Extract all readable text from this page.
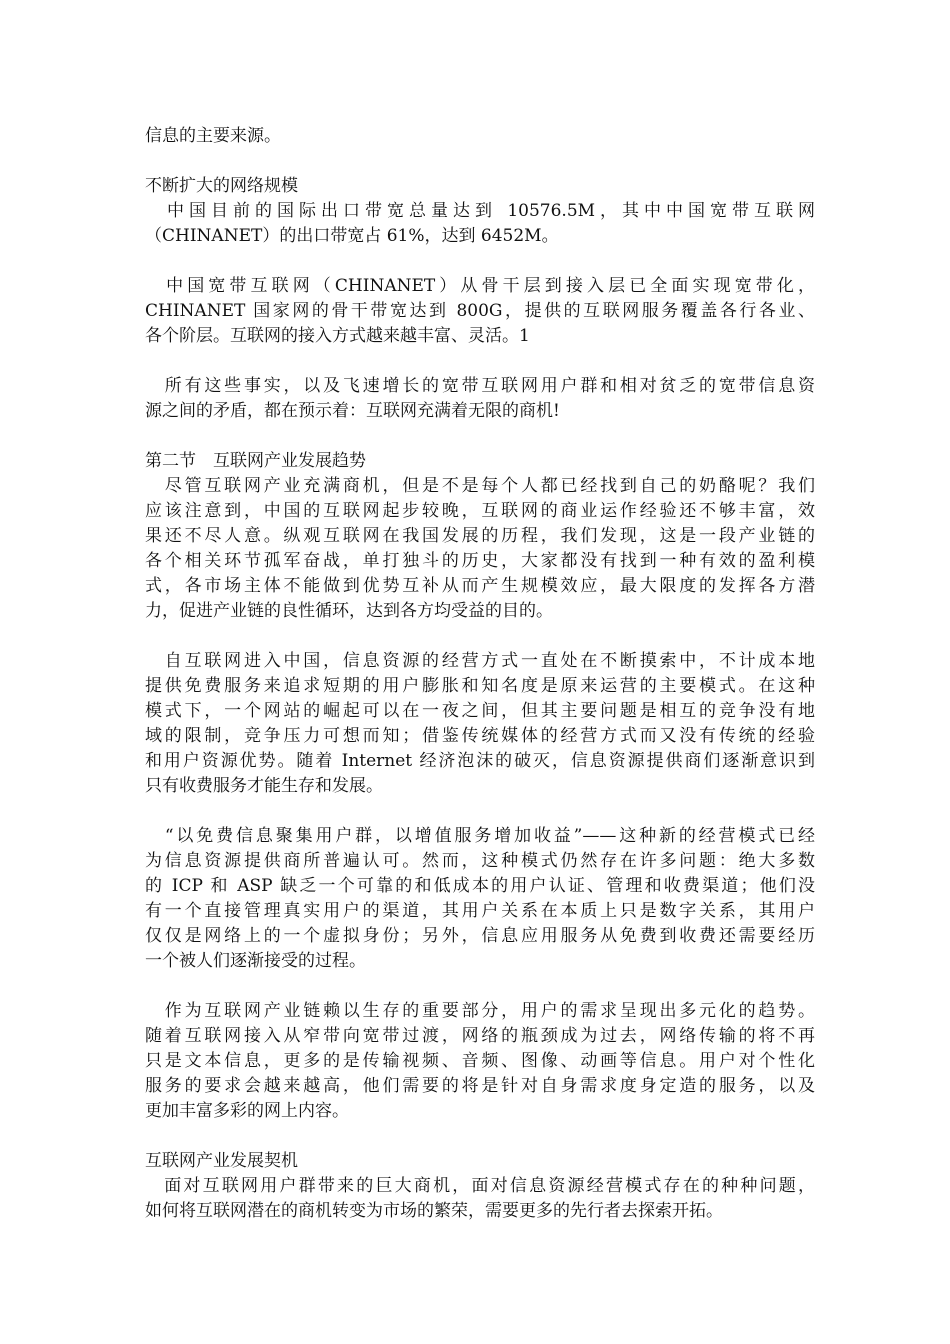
信息的主要来源。
不断扩大的网络规模
　中国目前的国际出口带宽总量达到 10576.5M，其中中国宽带互联网
（CHINANET）的出口带宽占 61%，达到 6452M。
　中国宽带互联网（CHINANET）从骨干层到接入层已全面实现宽带化，
CHINANET 国家网的骨干带宽达到 800G，提供的互联网服务覆盖各行各业、
各个阶层。互联网的接入方式越来越丰富、灵活。1
　所有这些事实，以及飞速增长的宽带互联网用户群和相对贫乏的宽带信息资
源之间的矛盾，都在预示着：互联网充满着无限的商机!
第二节　互联网产业发展趋势
　尽管互联网产业充满商机，但是不是每个人都已经找到自己的奶酪呢？我们
应该注意到，中国的互联网起步较晚，互联网的商业运作经验还不够丰富，效
果还不尽人意。纵观互联网在我国发展的历程，我们发现，这是一段产业链的
各个相关环节孤军奋战，单打独斗的历史，大家都没有找到一种有效的盈利模
式，各市场主体不能做到优势互补从而产生规模效应，最大限度的发挥各方潜
力，促进产业链的良性循环，达到各方均受益的目的。
　自互联网进入中国，信息资源的经营方式一直处在不断摸索中，不计成本地
提供免费服务来追求短期的用户膨胀和知名度是原来运营的主要模式。在这种
模式下，一个网站的崛起可以在一夜之间，但其主要问题是相互的竞争没有地
域的限制，竞争压力可想而知；借鉴传统媒体的经营方式而又没有传统的经验
和用户资源优势。随着 Internet 经济泡沫的破灭，信息资源提供商们逐渐意识到
只有收费服务才能生存和发展。
　“以免费信息聚集用户群，以增值服务增加收益”——这种新的经营模式已经
为信息资源提供商所普遍认可。然而，这种模式仍然存在许多问题：绝大多数
的 ICP 和 ASP 缺乏一个可靠的和低成本的用户认证、管理和收费渠道；他们没
有一个直接管理真实用户的渠道，其用户关系在本质上只是数字关系，其用户
仅仅是网络上的一个虚拟身份；另外，信息应用服务从免费到收费还需要经历
一个被人们逐渐接受的过程。
　作为互联网产业链赖以生存的重要部分，用户的需求呈现出多元化的趋势。
随着互联网接入从窄带向宽带过渡，网络的瓶颈成为过去，网络传输的将不再
只是文本信息，更多的是传输视频、音频、图像、动画等信息。用户对个性化
服务的要求会越来越高，他们需要的将是针对自身需求度身定造的服务，以及
更加丰富多彩的网上内容。
互联网产业发展契机
　面对互联网用户群带来的巨大商机，面对信息资源经营模式存在的种种问题，
如何将互联网潜在的商机转变为市场的繁荣，需要更多的先行者去探索开拓。
